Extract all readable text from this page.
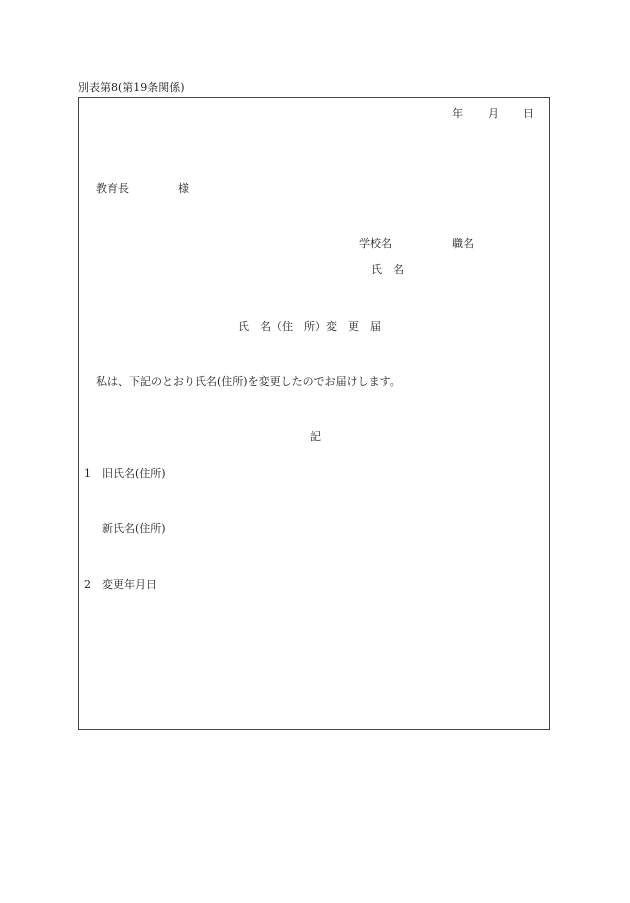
別表第8(第19条関係)
年 月 日
教育長	様
学校名	職名
氏　名
氏　名（住　所）変　更　届
私は、下記のとおり氏名(住所)を変更したのでお届けします。
記
1 旧氏名(住所)
新氏名(住所)
2 変更年月日
